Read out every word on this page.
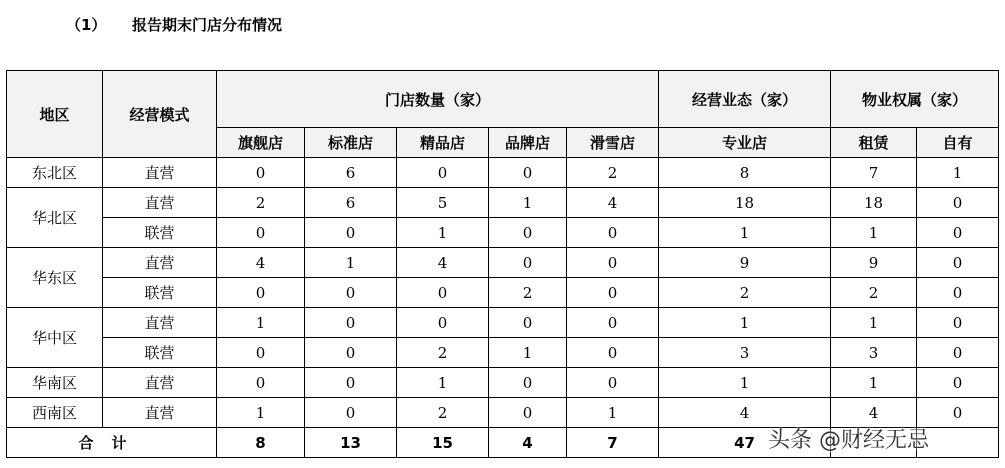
（1） 报告期末门店分布情况
地区	经营模式	门店数量（家）					经营业态（家）	物业权属（家）	
		旗舰店	标准店	精品店	品牌店	滑雪店	专业店	租赁	自有
东北区	直营	0	6	0	0	2	8	7	1
华北区	直营	2	6	5	1	4	18	18	0
	联营	0	0	1	0	0	1	1	0
华东区	直营	4	1	4	0	0	9	9	0
	联营	0	0	0	2	0	2	2	0
华中区	直营	1	0	0	0	0	1	1	0
	联营	0	0	2	1	0	3	3	0
华南区	直营	0	0	1	0	0	1	1	0
西南区	直营	1	0	2	0	1	4	4	0
合计		8	13	15	4	7	47		头条 @财经无忌
